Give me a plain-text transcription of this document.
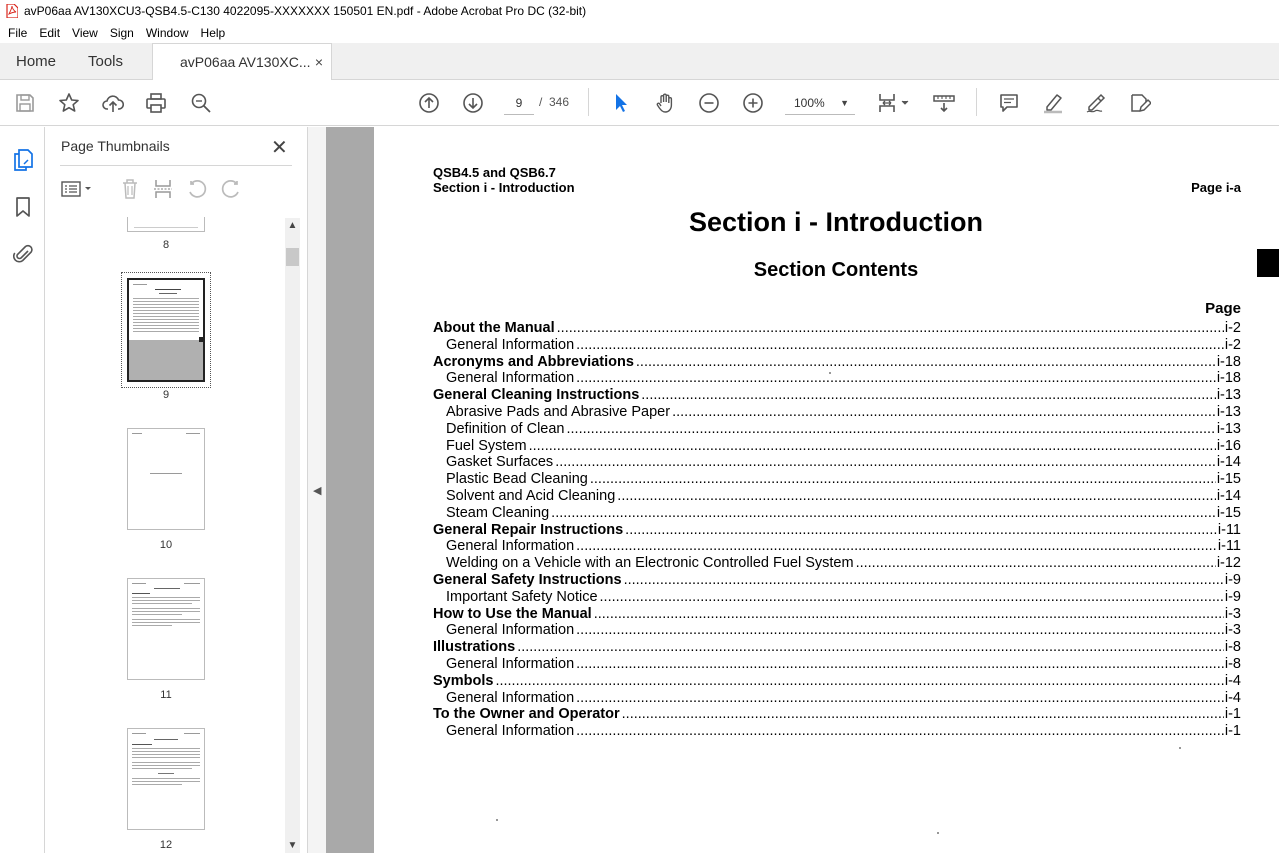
avP06aa AV130XCU3-QSB4.5-C130 4022095-XXXXXXX 150501 EN.pdf - Adobe Acrobat Pro DC (32-bit)
File	Edit	View	Sign	Window	Help
Home Tools	avP06aa AV130XC... ×
9	/ 346	100% ▼
Page Thumbnails	✕
8
9
10
11
12
▲
▼
◀
QSB4.5 and QSB6.7
Section i - Introduction	Page i-a
Section i - Introduction
Section Contents
Page
About the Manual .....	i-2
General Information .....	i-2
Acronyms and Abbreviations .....	i-18
General Information .....	i-18
General Cleaning Instructions .....	i-13
Abrasive Pads and Abrasive Paper .....	i-13
Definition of Clean .....	i-13
Fuel System .....	i-16
Gasket Surfaces .....	i-14
Plastic Bead Cleaning .....	i-15
Solvent and Acid Cleaning .....	i-14
Steam Cleaning .....	i-15
General Repair Instructions .....	i-11
General Information .....	i-11
Welding on a Vehicle with an Electronic Controlled Fuel System .....	i-12
General Safety Instructions .....	i-9
Important Safety Notice .....	i-9
How to Use the Manual .....	i-3
General Information .....	i-3
Illustrations .....	i-8
General Information .....	i-8
Symbols .....	i-4
General Information .....	i-4
To the Owner and Operator .....	i-1
General Information .....	i-1
